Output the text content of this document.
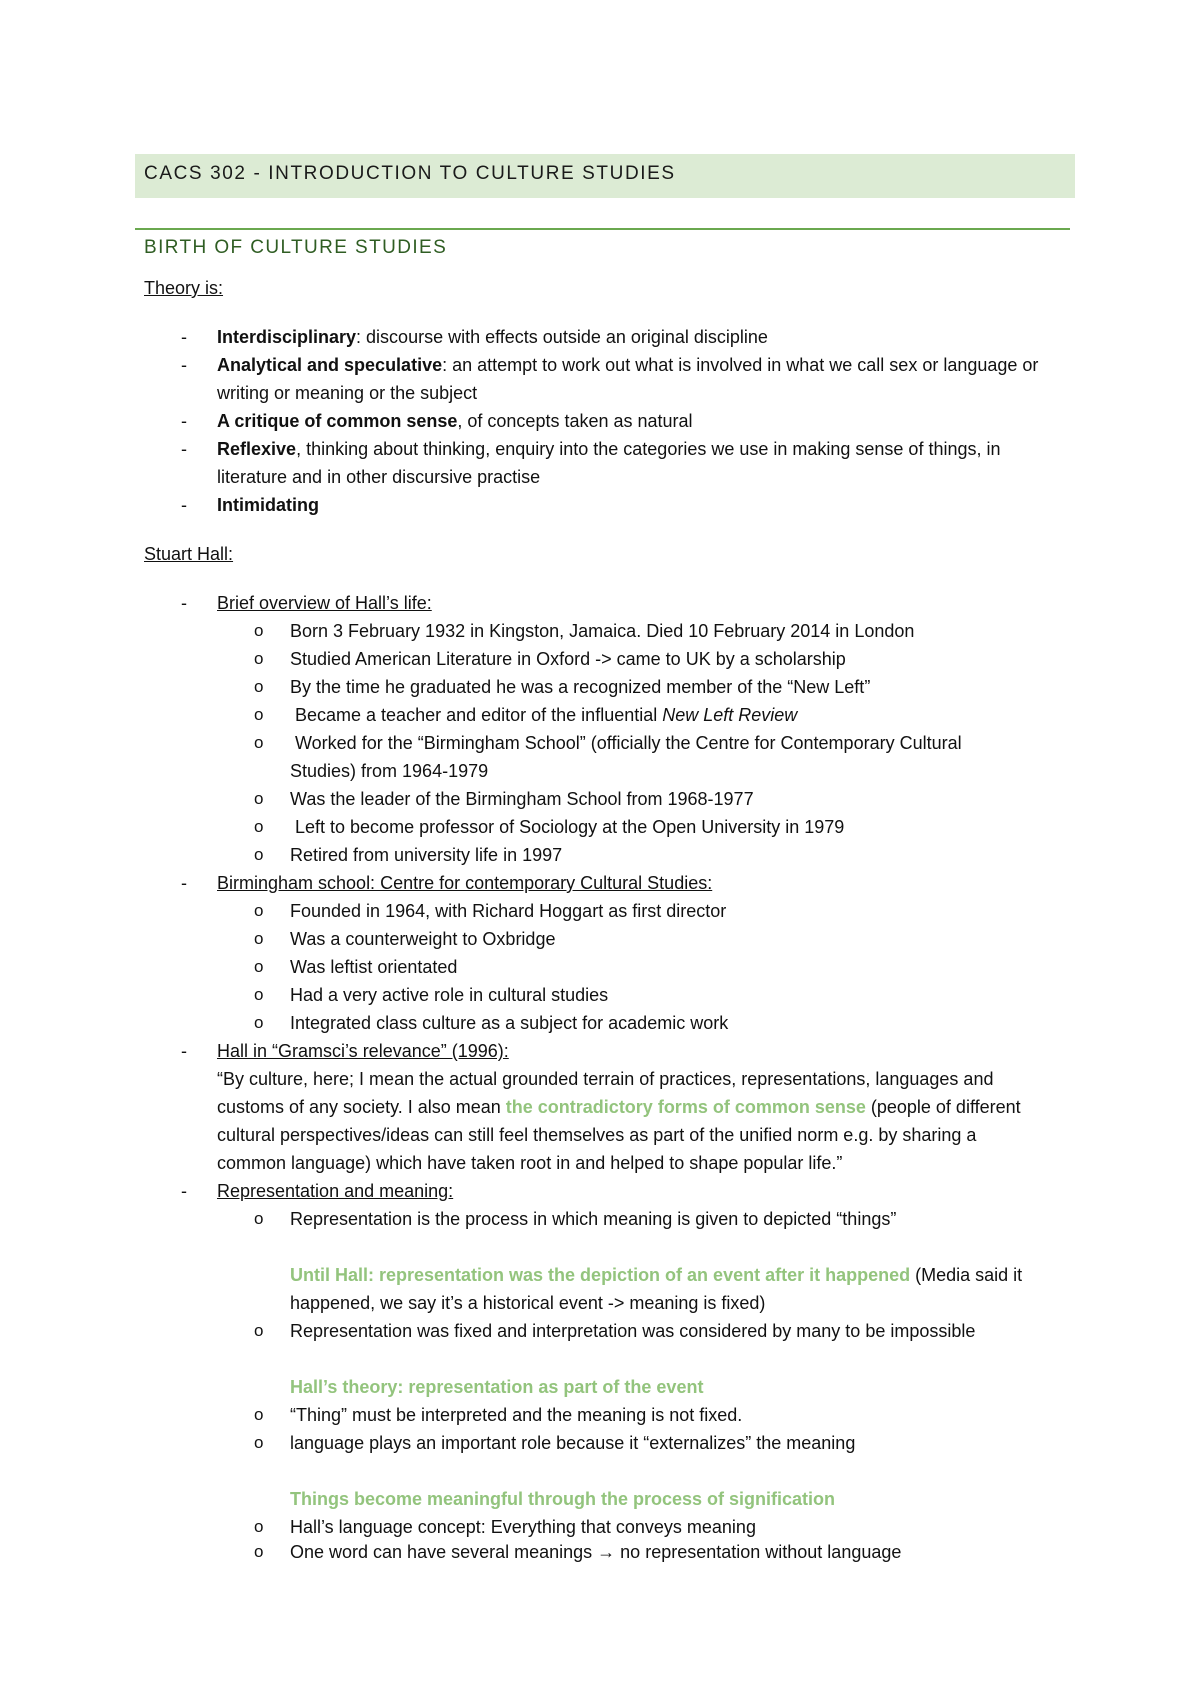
CACS 302 - INTRODUCTION TO CULTURE STUDIES
BIRTH OF CULTURE STUDIES
Theory is:
- Interdisciplinary: discourse with effects outside an original discipline
- Analytical and speculative: an attempt to work out what is involved in what we call sex or language or
writing or meaning or the subject
- A critique of common sense, of concepts taken as natural
- Reflexive, thinking about thinking, enquiry into the categories we use in making sense of things, in
literature and in other discursive practise
- Intimidating
Stuart Hall:
- Brief overview of Hall’s life:
o Born 3 February 1932 in Kingston, Jamaica. Died 10 February 2014 in London
o Studied American Literature in Oxford -> came to UK by a scholarship
o By the time he graduated he was a recognized member of the “New Left”
o Became a teacher and editor of the influential New Left Review
o Worked for the “Birmingham School” (officially the Centre for Contemporary Cultural
Studies) from 1964-1979
o Was the leader of the Birmingham School from 1968-1977
o Left to become professor of Sociology at the Open University in 1979
o Retired from university life in 1997
- Birmingham school: Centre for contemporary Cultural Studies:
o Founded in 1964, with Richard Hoggart as first director
o Was a counterweight to Oxbridge
o Was leftist orientated
o Had a very active role in cultural studies
o Integrated class culture as a subject for academic work
- Hall in “Gramsci’s relevance” (1996):
“By culture, here; I mean the actual grounded terrain of practices, representations, languages and
customs of any society. I also mean the contradictory forms of common sense (people of different
cultural perspectives/ideas can still feel themselves as part of the unified norm e.g. by sharing a
common language) which have taken root in and helped to shape popular life.”
- Representation and meaning:
o Representation is the process in which meaning is given to depicted “things”
Until Hall: representation was the depiction of an event after it happened (Media said it
happened, we say it’s a historical event -> meaning is fixed)
o Representation was fixed and interpretation was considered by many to be impossible
Hall’s theory: representation as part of the event
o “Thing” must be interpreted and the meaning is not fixed.
o language plays an important role because it “externalizes” the meaning
Things become meaningful through the process of signification
o Hall’s language concept: Everything that conveys meaning
o One word can have several meanings → no representation without language
